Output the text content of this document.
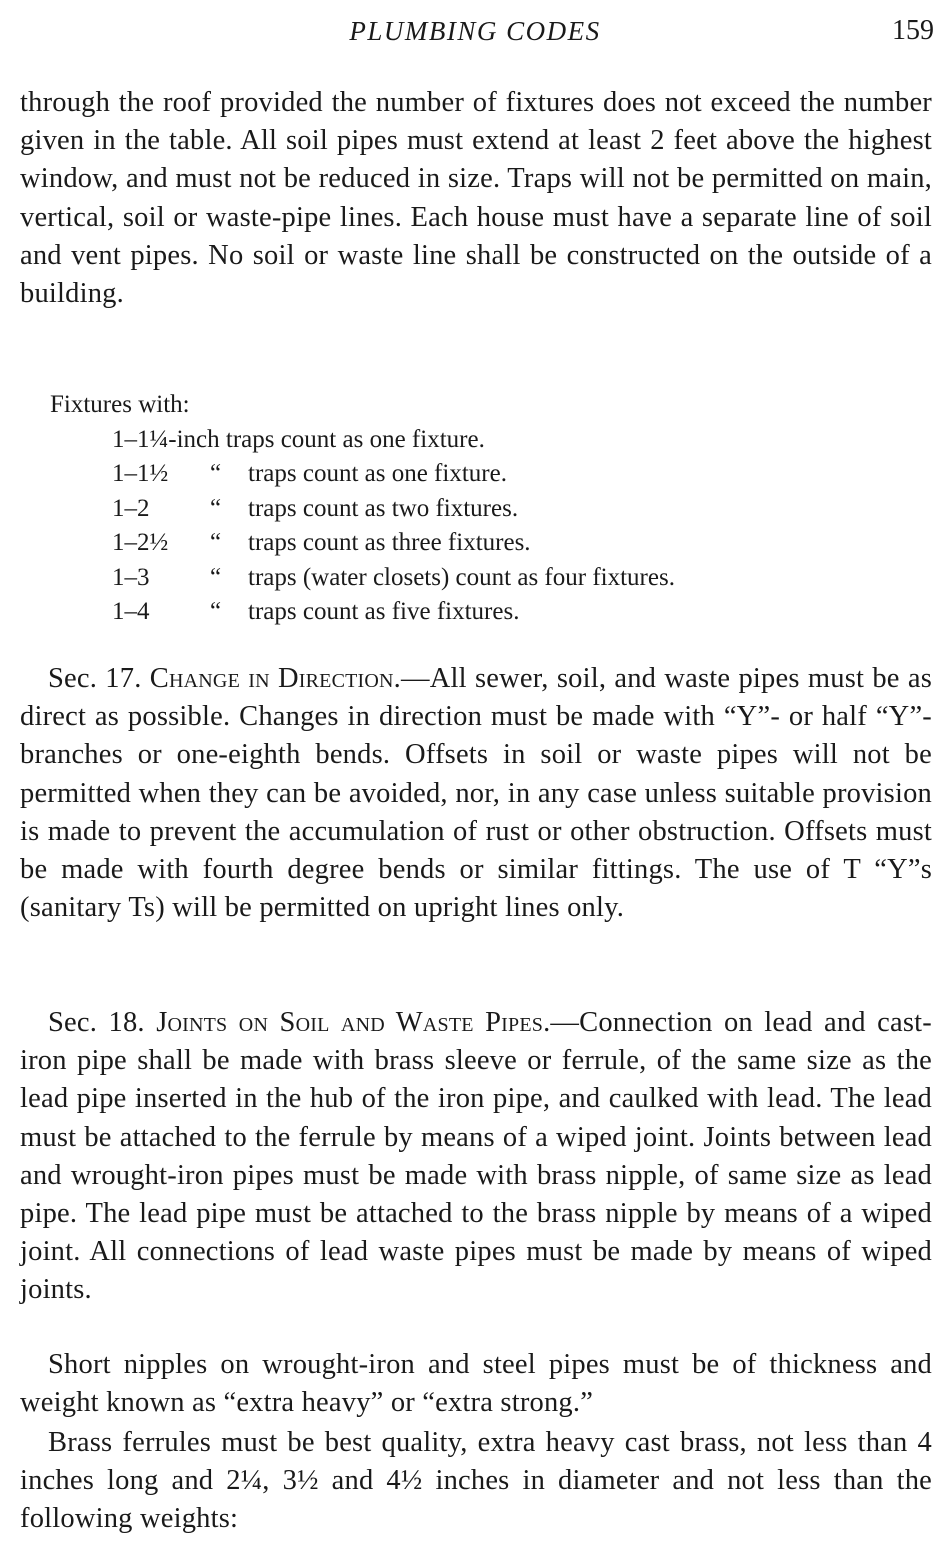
PLUMBING CODES	159

through the roof provided the number of fixtures does not exceed the number given in the table. All soil pipes must extend at least 2 feet above the highest window, and must not be reduced in size. Traps will not be permitted on main, vertical, soil or waste-pipe lines. Each house must have a separate line of soil and vent pipes. No soil or waste line shall be constructed on the outside of a building.

Fixtures with:
1–1¼-inch traps count as one fixture.
1–1½ “ traps count as one fixture.
1–2 “ traps count as two fixtures.
1–2½ “ traps count as three fixtures.
1–3 “ traps (water closets) count as four fixtures.
1–4 “ traps count as five fixtures.

Sec. 17. Change in Direction.—All sewer, soil, and waste pipes must be as direct as possible. Changes in direction must be made with “Y”- or half “Y”-branches or one-eighth bends. Offsets in soil or waste pipes will not be permitted when they can be avoided, nor, in any case unless suitable provision is made to prevent the accumulation of rust or other obstruction. Offsets must be made with fourth degree bends or similar fittings. The use of T “Y”s (sanitary Ts) will be permitted on upright lines only.

Sec. 18. Joints on Soil and Waste Pipes.—Connection on lead and cast-iron pipe shall be made with brass sleeve or ferrule, of the same size as the lead pipe inserted in the hub of the iron pipe, and caulked with lead. The lead must be attached to the ferrule by means of a wiped joint. Joints between lead and wrought-iron pipes must be made with brass nipple, of same size as lead pipe. The lead pipe must be attached to the brass nipple by means of a wiped joint. All connections of lead waste pipes must be made by means of wiped joints.

Short nipples on wrought-iron and steel pipes must be of thickness and weight known as “extra heavy” or “extra strong.”

Brass ferrules must be best quality, extra heavy cast brass, not less than 4 inches long and 2¼, 3½ and 4½ inches in diameter and not less than the following weights:
